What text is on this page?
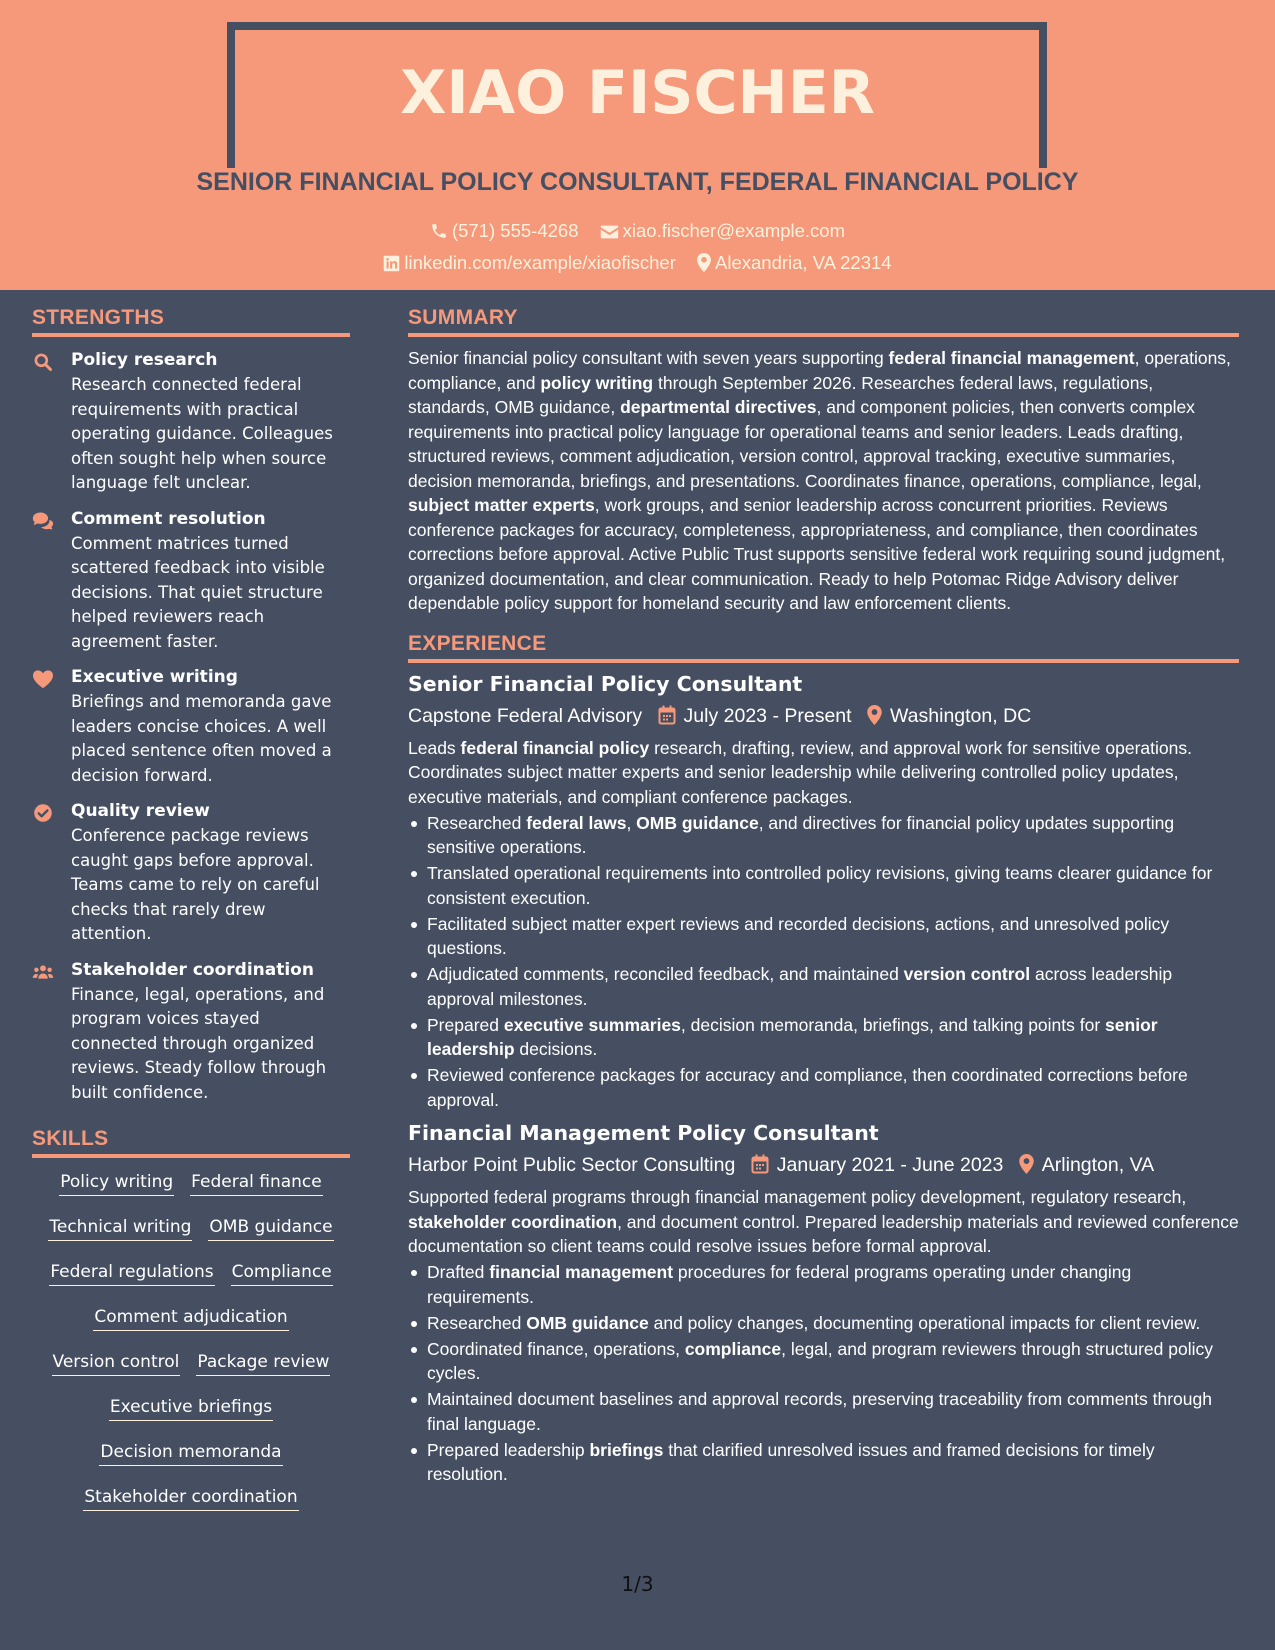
XIAO FISCHER
SENIOR FINANCIAL POLICY CONSULTANT, FEDERAL FINANCIAL POLICY
(571) 555-4268 xiao.fischer@example.com
linkedin.com/example/xiaofischer Alexandria, VA 22314
STRENGTHS
Policy research

Research connected federal requirements with practical operating guidance. Colleagues often sought help when source language felt unclear.

Comment resolution

Comment matrices turned scattered feedback into visible decisions. That quiet structure helped reviewers reach agreement faster.

Executive writing

Briefings and memoranda gave leaders concise choices. A well placed sentence often moved a decision forward.

Quality review

Conference package reviews caught gaps before approval. Teams came to rely on careful checks that rarely drew attention.

Stakeholder coordination

Finance, legal, operations, and program voices stayed connected through organized reviews. Steady follow through built confidence.

SKILLS
Policy writing Federal finance
Technical writing OMB guidance
Federal regulations Compliance
Comment adjudication
Version control Package review
Executive briefings
Decision memoranda
Stakeholder coordination
SUMMARY

Senior financial policy consultant with seven years supporting federal financial management, operations, compliance, and policy writing through September 2026. Researches federal laws, regulations, standards, OMB guidance, departmental directives, and component policies, then converts complex requirements into practical policy language for operational teams and senior leaders. Leads drafting, structured reviews, comment adjudication, version control, approval tracking, executive summaries, decision memoranda, briefings, and presentations. Coordinates finance, operations, compliance, legal, subject matter experts, work groups, and senior leadership across concurrent priorities. Reviews conference packages for accuracy, completeness, appropriateness, and compliance, then coordinates corrections before approval. Active Public Trust supports sensitive federal work requiring sound judgment, organized documentation, and clear communication. Ready to help Potomac Ridge Advisory deliver dependable policy support for homeland security and law enforcement clients.

EXPERIENCE
Senior Financial Policy Consultant
Capstone Federal Advisory July 2023 - Present Washington, DC

Leads federal financial policy research, drafting, review, and approval work for sensitive operations. Coordinates subject matter experts and senior leadership while delivering controlled policy updates, executive materials, and compliant conference packages.

Researched federal laws, OMB guidance, and directives for financial policy updates supporting sensitive operations.
Translated operational requirements into controlled policy revisions, giving teams clearer guidance for consistent execution.
Facilitated subject matter expert reviews and recorded decisions, actions, and unresolved policy questions.
Adjudicated comments, reconciled feedback, and maintained version control across leadership approval milestones.
Prepared executive summaries, decision memoranda, briefings, and talking points for senior leadership decisions.
Reviewed conference packages for accuracy and compliance, then coordinated corrections before approval.
Financial Management Policy Consultant
Harbor Point Public Sector Consulting January 2021 - June 2023 Arlington, VA

Supported federal programs through financial management policy development, regulatory research, stakeholder coordination, and document control. Prepared leadership materials and reviewed conference documentation so client teams could resolve issues before formal approval.

Drafted financial management procedures for federal programs operating under changing requirements.
Researched OMB guidance and policy changes, documenting operational impacts for client review.
Coordinated finance, operations, compliance, legal, and program reviewers through structured policy cycles.
Maintained document baselines and approval records, preserving traceability from comments through final language.
Prepared leadership briefings that clarified unresolved issues and framed decisions for timely resolution.
1/3
